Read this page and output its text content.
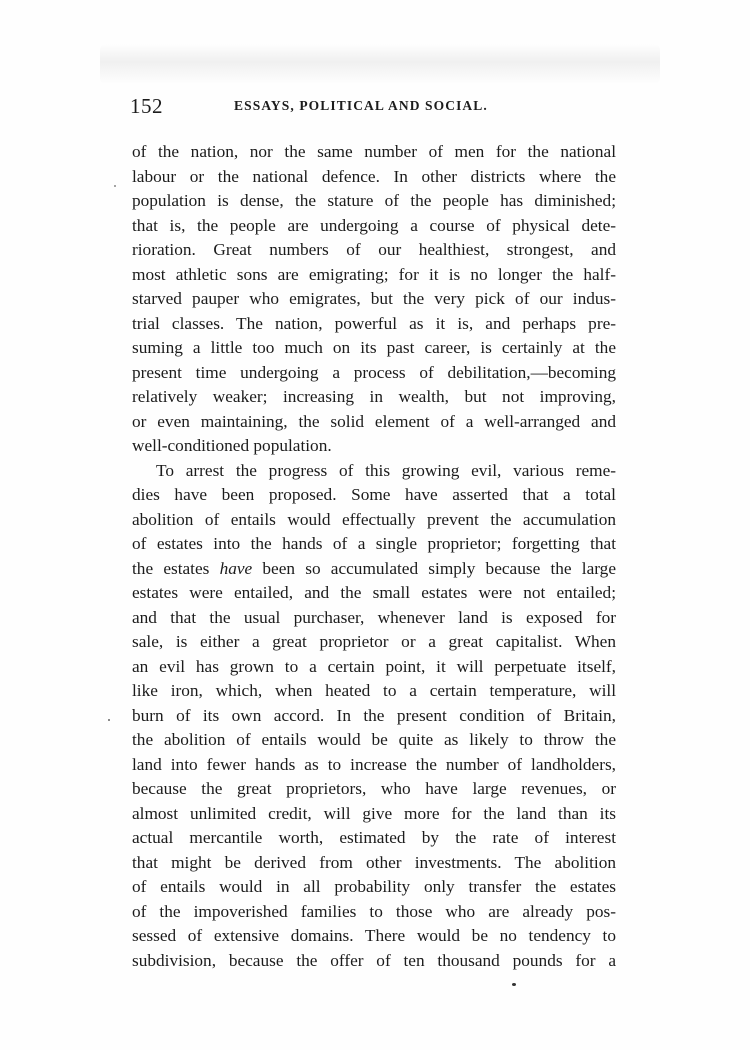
152	ESSAYS, POLITICAL AND SOCIAL.
of the nation, nor the same number of men for the national
labour or the national defence. In other districts where the
population is dense, the stature of the people has diminished;
that is, the people are undergoing a course of physical dete-
rioration. Great numbers of our healthiest, strongest, and
most athletic sons are emigrating; for it is no longer the half-
starved pauper who emigrates, but the very pick of our indus-
trial classes. The nation, powerful as it is, and perhaps pre-
suming a little too much on its past career, is certainly at the
present time undergoing a process of debilitation,—becoming
relatively weaker; increasing in wealth, but not improving,
or even maintaining, the solid element of a well-arranged and
well-conditioned population.
To arrest the progress of this growing evil, various reme-
dies have been proposed. Some have asserted that a total
abolition of entails would effectually prevent the accumulation
of estates into the hands of a single proprietor; forgetting that
the estates have been so accumulated simply because the large
estates were entailed, and the small estates were not entailed;
and that the usual purchaser, whenever land is exposed for
sale, is either a great proprietor or a great capitalist. When
an evil has grown to a certain point, it will perpetuate itself,
like iron, which, when heated to a certain temperature, will
burn of its own accord. In the present condition of Britain,
the abolition of entails would be quite as likely to throw the
land into fewer hands as to increase the number of landholders,
because the great proprietors, who have large revenues, or
almost unlimited credit, will give more for the land than its
actual mercantile worth, estimated by the rate of interest
that might be derived from other investments. The abolition
of entails would in all probability only transfer the estates
of the impoverished families to those who are already pos-
sessed of extensive domains. There would be no tendency to
subdivision, because the offer of ten thousand pounds for a
